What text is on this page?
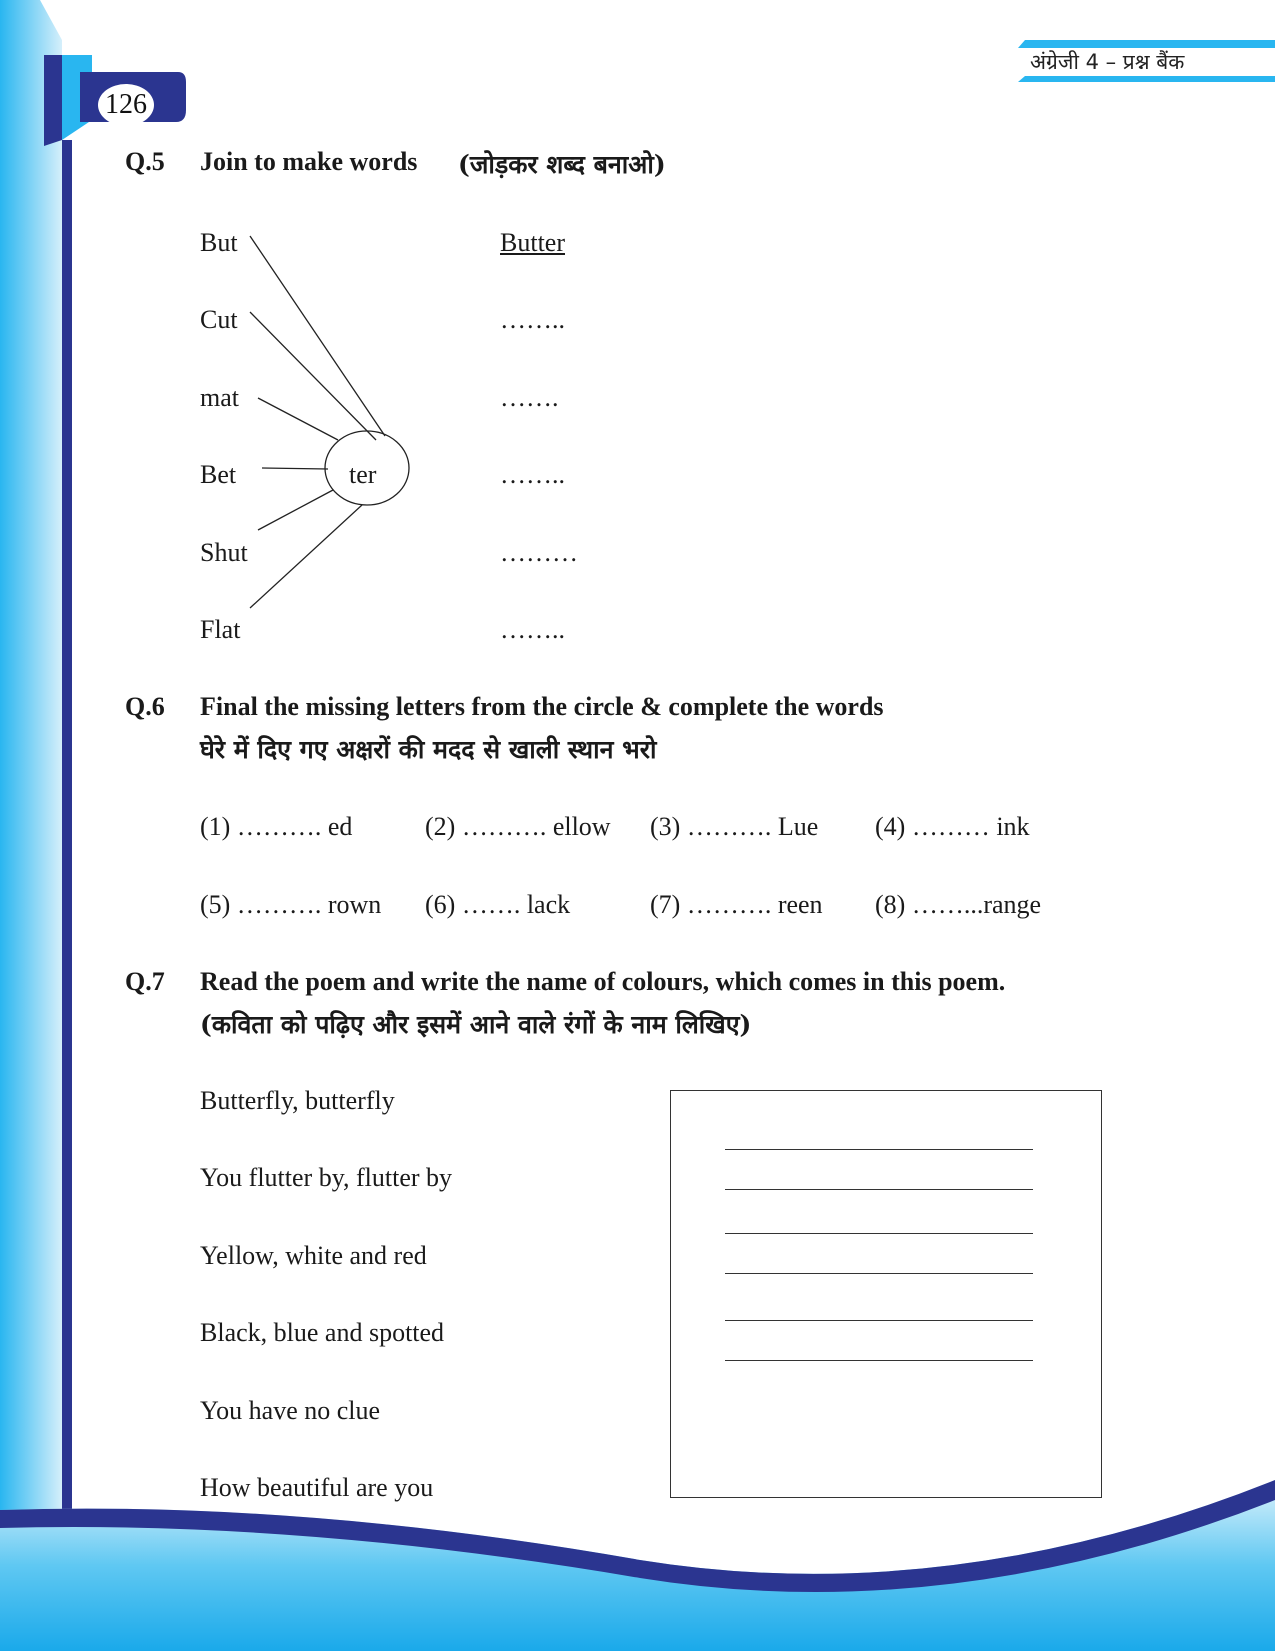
126
अंग्रेजी 4 – प्रश्न बैंक
Q.5 Join to make words (जोड़कर शब्द बनाओ)
But
Cut
mat
Bet
Shut
Flat
ter
Butter
……..
…….
……..
………
……..
Q.6 Final the missing letters from the circle & complete the words
घेरे में दिए गए अक्षरों की मदद से खाली स्थान भरो
(1) ………. ed	(2) ………. ellow (3) ………. Lue (4) ……… ink
(5) ………. rown (6) ……. lack	(7) ………. reen (8) ……...range
Q.7 Read the poem and write the name of colours, which comes in this poem.
(कविता को पढ़िए और इसमें आने वाले रंगों के नाम लिखिए)
Butterfly, butterfly
You flutter by, flutter by
Yellow, white and red
Black, blue and spotted
You have no clue
How beautiful are you
